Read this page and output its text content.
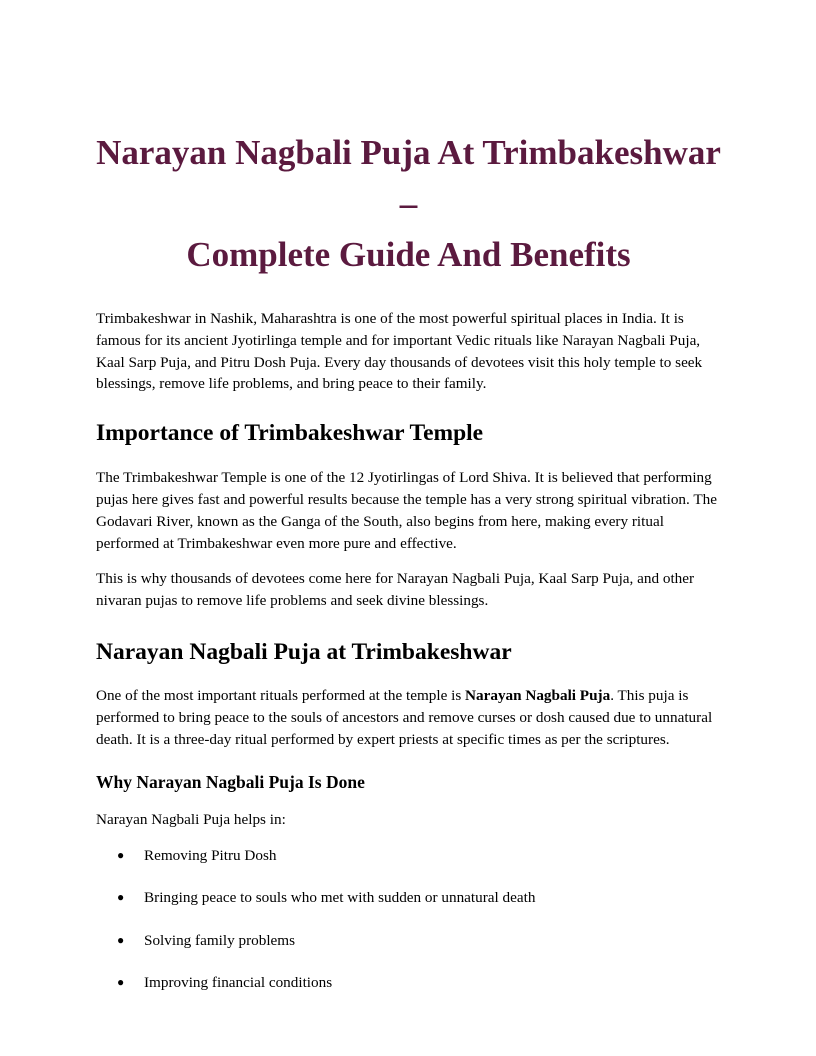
Narayan Nagbali Puja At Trimbakeshwar –
Complete Guide And Benefits

Trimbakeshwar in Nashik, Maharashtra is one of the most powerful spiritual places in India. It is famous for its ancient Jyotirlinga temple and for important Vedic rituals like Narayan Nagbali Puja, Kaal Sarp Puja, and Pitru Dosh Puja. Every day thousands of devotees visit this holy temple to seek blessings, remove life problems, and bring peace to their family.

Importance of Trimbakeshwar Temple

The Trimbakeshwar Temple is one of the 12 Jyotirlingas of Lord Shiva. It is believed that performing pujas here gives fast and powerful results because the temple has a very strong spiritual vibration. The Godavari River, known as the Ganga of the South, also begins from here, making every ritual performed at Trimbakeshwar even more pure and effective.

This is why thousands of devotees come here for Narayan Nagbali Puja, Kaal Sarp Puja, and other nivaran pujas to remove life problems and seek divine blessings.

Narayan Nagbali Puja at Trimbakeshwar

One of the most important rituals performed at the temple is Narayan Nagbali Puja. This puja is performed to bring peace to the souls of ancestors and remove curses or dosh caused due to unnatural death. It is a three-day ritual performed by expert priests at specific times as per the scriptures.

Why Narayan Nagbali Puja Is Done

Narayan Nagbali Puja helps in:

● Removing Pitru Dosh
● Bringing peace to souls who met with sudden or unnatural death
● Solving family problems
● Improving financial conditions
